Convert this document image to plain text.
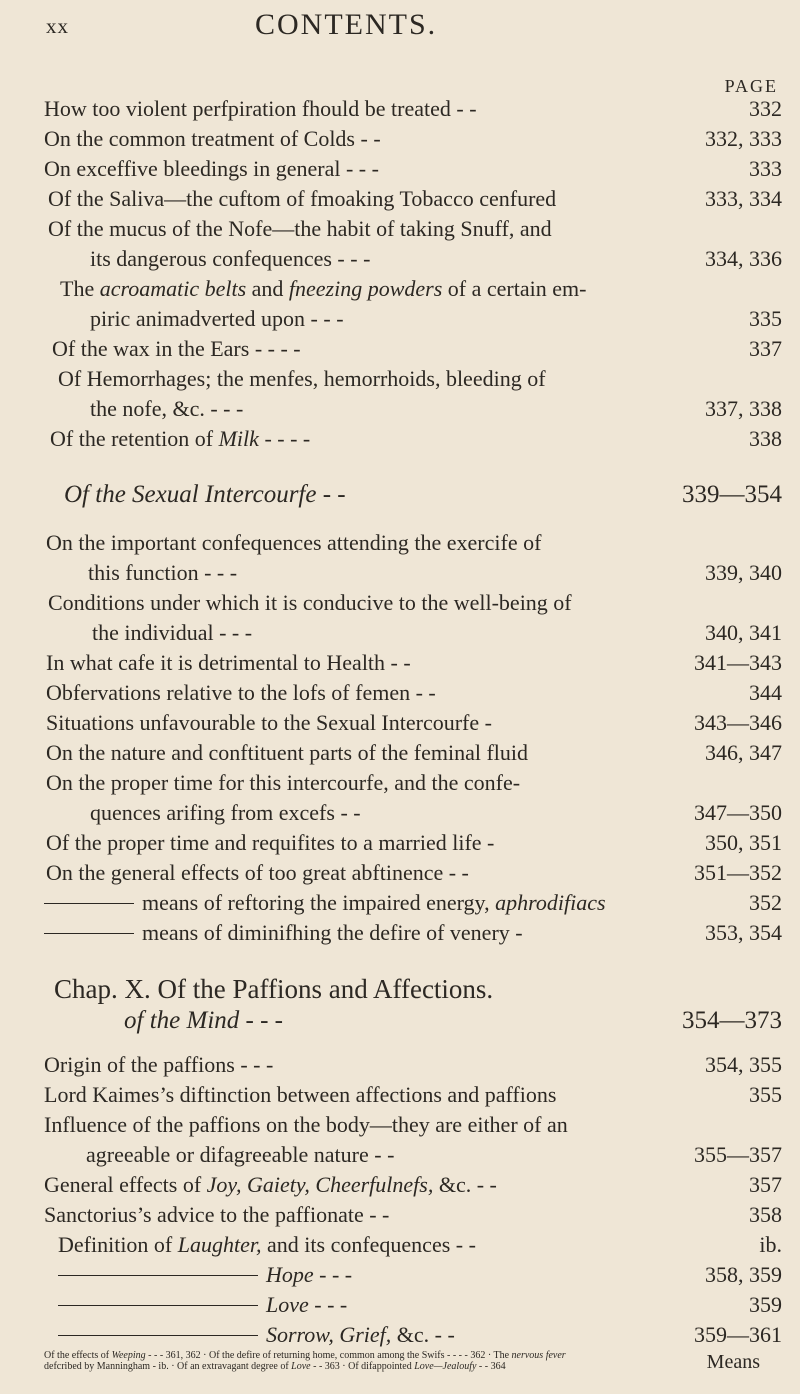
xx	CONTENTS.
PAGE
How too violent perfpiration fhould be treated - -	332
On the common treatment of Colds - -	332, 333
On exceffive bleedings in general - - -	333
Of the Saliva—the cuftom of fmoaking Tobacco cenfured	333, 334
Of the mucus of the Nofe—the habit of taking Snuff, and
its dangerous confequences - - -	334, 336
The acroamatic belts and fneezing powders of a certain em-
piric animadverted upon - - -	335
Of the wax in the Ears - - - -	337
Of Hemorrhages; the menfes, hemorrhoids, bleeding of
the nofe, &c. - - -	337, 338
Of the retention of Milk - - - -	338
Of the Sexual Intercourfe - -	339—354
On the important confequences attending the exercife of
this function - - -	339, 340
Conditions under which it is conducive to the well-being of
the individual - - -	340, 341
In what cafe it is detrimental to Health - -	341—343
Obfervations relative to the lofs of femen - -	344
Situations unfavourable to the Sexual Intercourfe -	343—346
On the nature and conftituent parts of the feminal fluid	346, 347
On the proper time for this intercourfe, and the confe-
quences arifing from excefs - -	347—350
Of the proper time and requifites to a married life -	350, 351
On the general effects of too great abftinence - -	351—352
means of reftoring the impaired energy, aphrodifiacs	352
means of diminifhing the defire of venery -	353, 354
Chap. X. Of the Paffions and Affections.
of the Mind - - -	354—373
Origin of the paffions - - -	354, 355
Lord Kaimes’s diftinction between affections and paffions	355
Influence of the paffions on the body—they are either of an
agreeable or difagreeable nature - -	355—357
General effects of Joy, Gaiety, Cheerfulnefs, &c. - -	357
Sanctorius’s advice to the paffionate - -	358
Definition of Laughter, and its confequences - -	ib.
Hope - - -	358, 359
Love - - -	359
Sorrow, Grief, &c. - -	359—361
Of the effects of Weeping - - - 361, 362 · Of the defire of returning home, common among the Swifs - - - - 362 · The nervous fever defcribed by Manningham - ib. · Of an extravagant degree of Love - - 363 · Of difappointed Love—Jealoufy - - 364	Means
